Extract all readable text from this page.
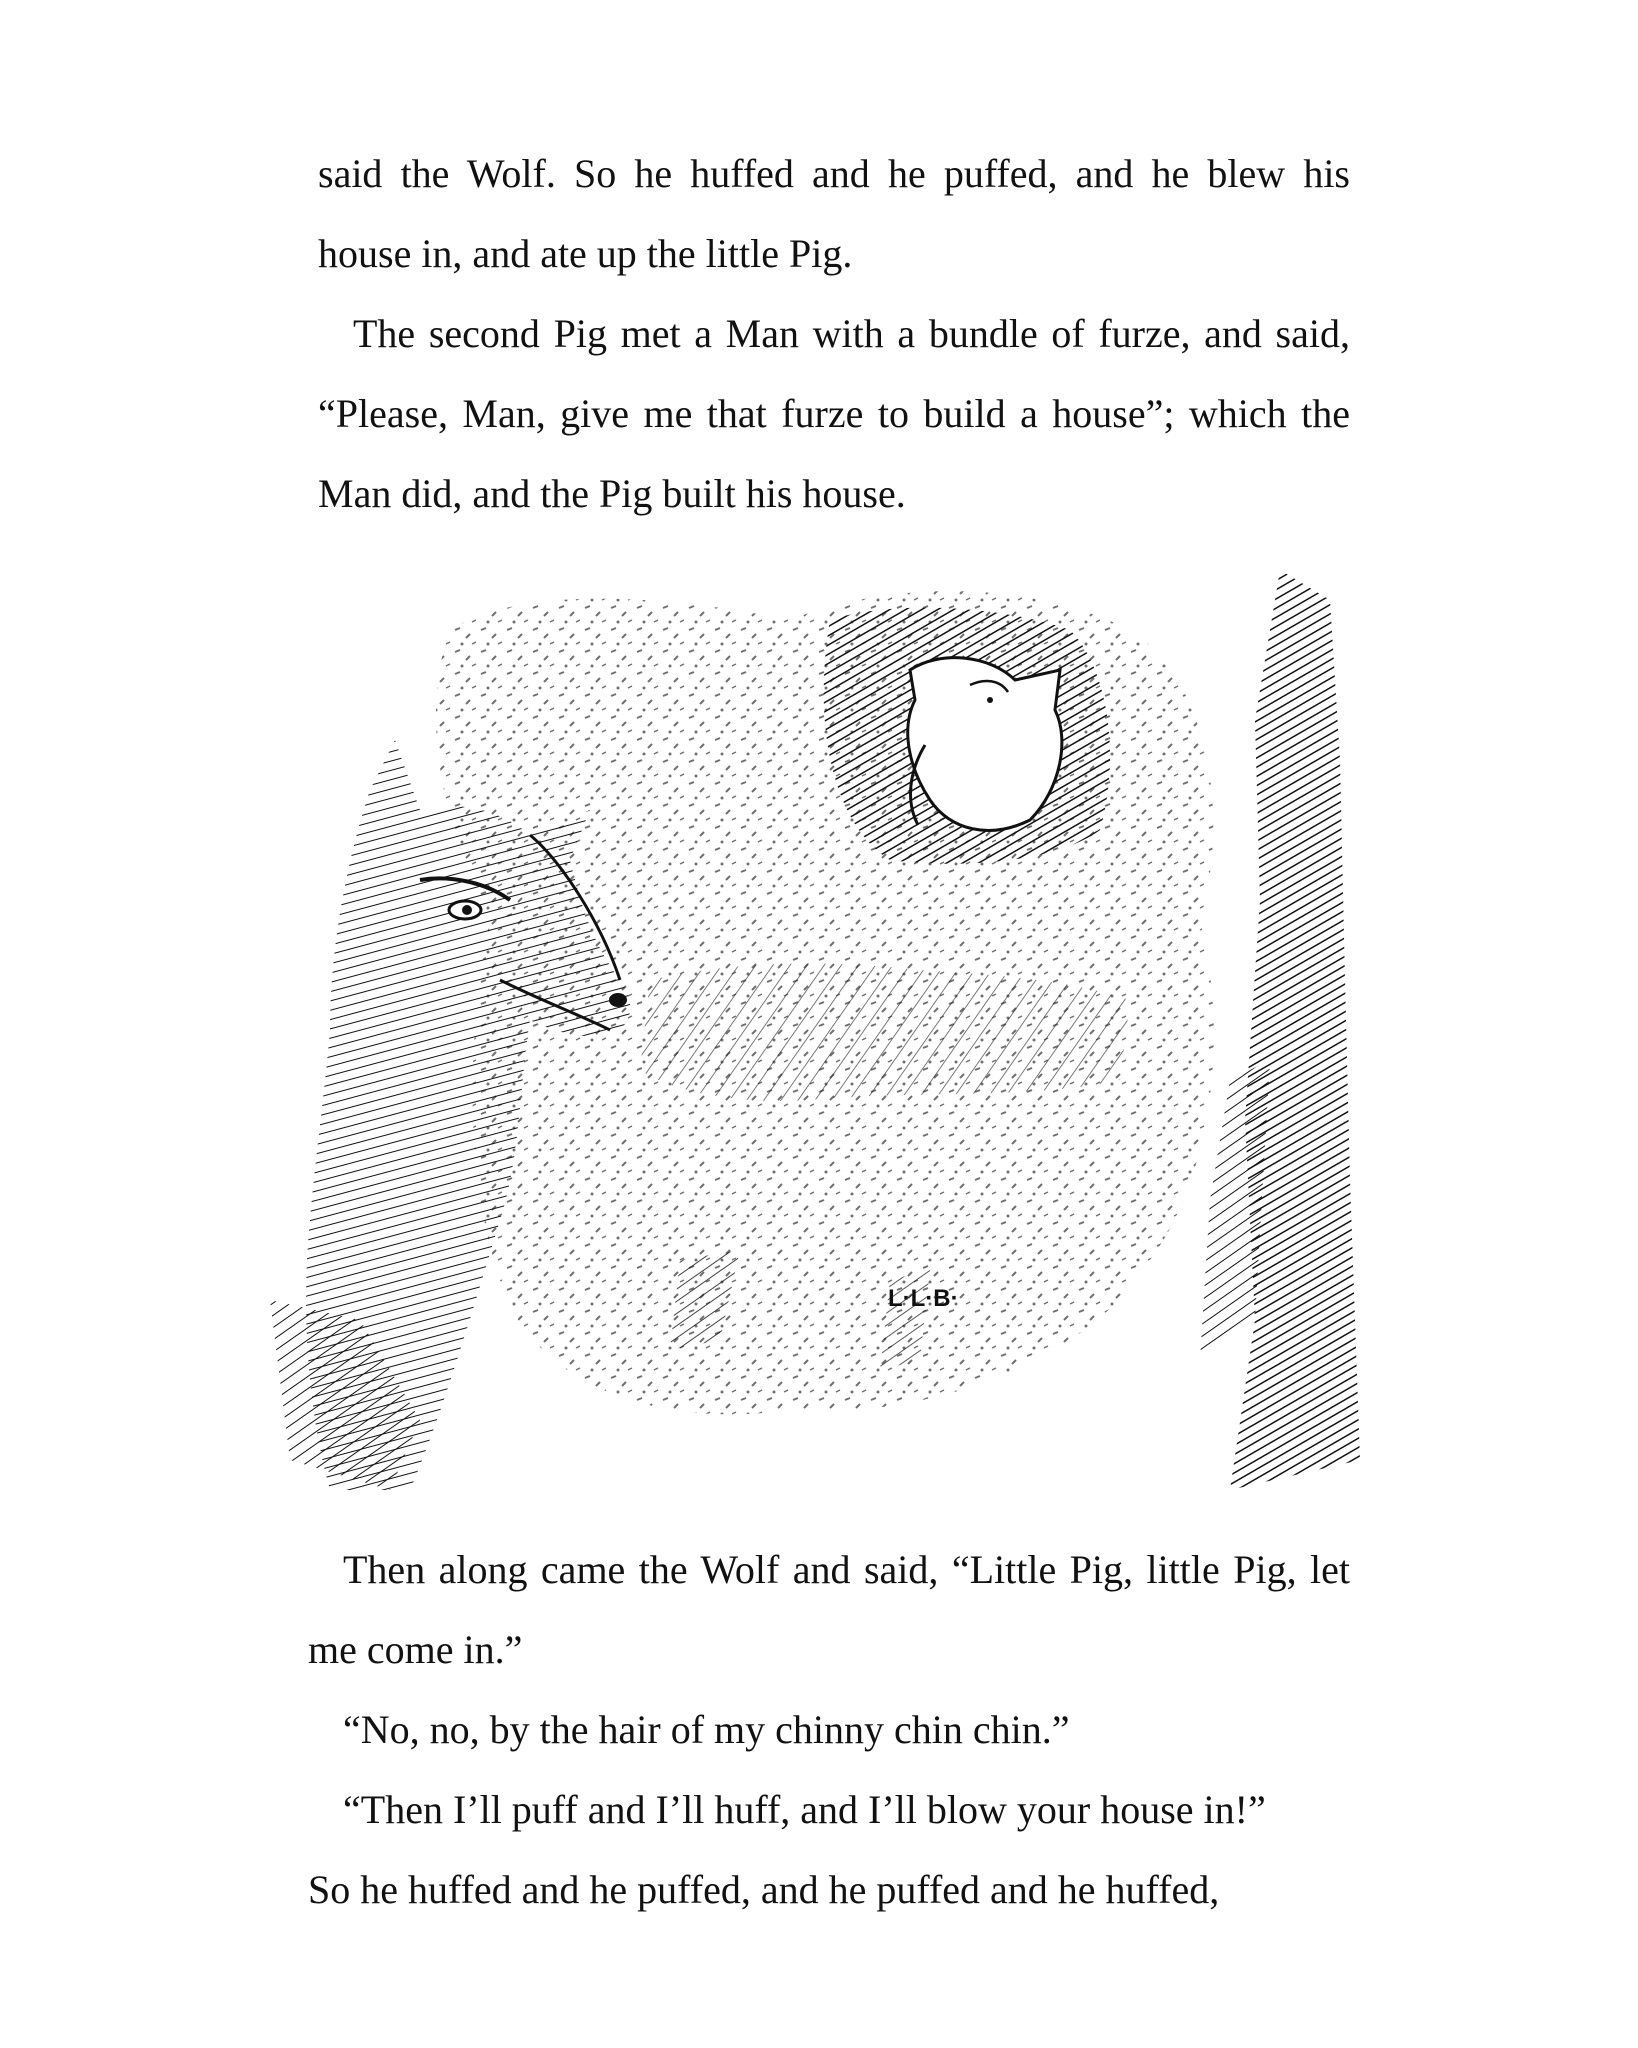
said the Wolf. So he huffed and he puffed, and he blew his house in, and ate up the little Pig.

The second Pig met a Man with a bundle of furze, and said, “Please, Man, give me that furze to build a house”; which the Man did, and the Pig built his house.

L·L·B·

Then along came the Wolf and said, “Little Pig, little Pig, let me come in.”

“No, no, by the hair of my chinny chin chin.”

“Then I’ll puff and I’ll huff, and I’ll blow your house in!”

So he huffed and he puffed, and he puffed and he huffed,
